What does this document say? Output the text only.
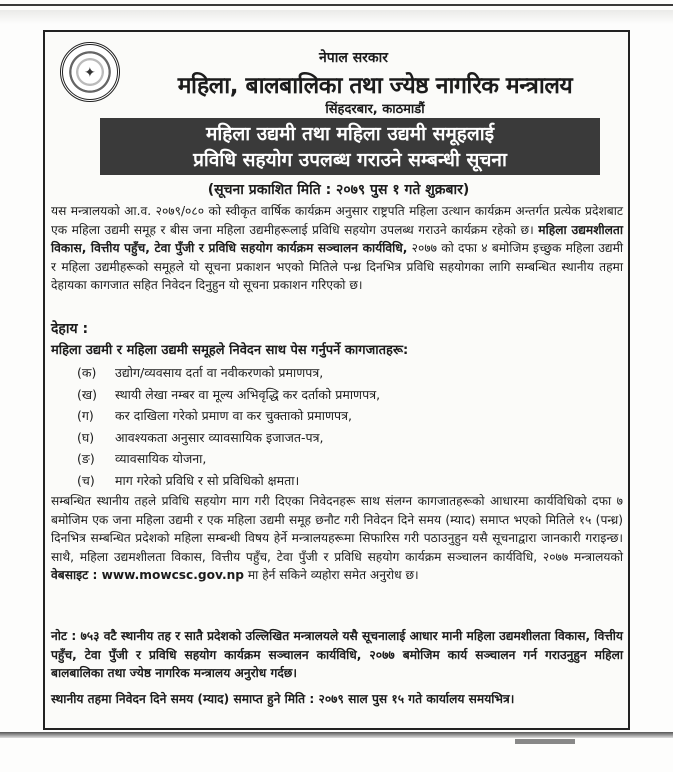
✦
नेपाल सरकार
महिला, बालबालिका तथा ज्येष्ठ नागरिक मन्त्रालय
सिंहदरबार, काठमाडौं
महिला उद्यमी तथा महिला उद्यमी समूहलाई
प्रविधि सहयोग उपलब्ध गराउने सम्बन्धी सूचना
(सूचना प्रकाशित मिति : २०७९ पुस १ गते शुक्रबार)
यस मन्त्रालयको आ.व. २०७९/०८० को स्वीकृत वार्षिक कार्यक्रम अनुसार राष्ट्रपति महिला उत्थान कार्यक्रम अन्तर्गत प्रत्येक प्रदेशबाट एक महिला उद्यमी समूह र बीस जना महिला उद्यमीहरूलाई प्रविधि सहयोग उपलब्ध गराउने कार्यक्रम रहेको छ। महिला उद्यमशीलता विकास, वित्तीय पहुँच, टेवा पुँजी र प्रविधि सहयोग कार्यक्रम सञ्चालन कार्यविधि, २०७७ को दफा ४ बमोजिम इच्छुक महिला उद्यमी र महिला उद्यमीहरूको समूहले यो सूचना प्रकाशन भएको मितिले पन्ध्र दिनभित्र प्रविधि सहयोगका लागि सम्बन्धित स्थानीय तहमा देहायका कागजात सहित निवेदन दिनुहुन यो सूचना प्रकाशन गरिएको छ।
देहाय :
महिला उद्यमी र महिला उद्यमी समूहले निवेदन साथ पेस गर्नुपर्ने कागजातहरू:
(क) उद्योग/व्यवसाय दर्ता वा नवीकरणको प्रमाणपत्र,
(ख) स्थायी लेखा नम्बर वा मूल्य अभिवृद्धि कर दर्ताको प्रमाणपत्र,
(ग) कर दाखिला गरेको प्रमाण वा कर चुक्ताको प्रमाणपत्र,
(घ) आवश्यकता अनुसार व्यावसायिक इजाजत-पत्र,
(ङ) व्यावसायिक योजना,
(च) माग गरेको प्रविधि र सो प्रविधिको क्षमता।
सम्बन्धित स्थानीय तहले प्रविधि सहयोग माग गरी दिएका निवेदनहरू साथ संलग्न कागजातहरूको आधारमा कार्यविधिको दफा ७ बमोजिम एक जना महिला उद्यमी र एक महिला उद्यमी समूह छनौट गरी निवेदन दिने समय (म्याद) समाप्त भएको मितिले १५ (पन्ध्र) दिनभित्र सम्बन्धित प्रदेशको महिला सम्बन्धी विषय हेर्ने मन्त्रालयहरूमा सिफारिस गरी पठाउनुहुन यसै सूचनाद्वारा जानकारी गराइन्छ। साथै, महिला उद्यमशीलता विकास, वित्तीय पहुँच, टेवा पुँजी र प्रविधि सहयोग कार्यक्रम सञ्चालन कार्यविधि, २०७७ मन्त्रालयको वेबसाइट : www.mowcsc.gov.np मा हेर्न सकिने व्यहोरा समेत अनुरोध छ।
नोट : ७५३ वटै स्थानीय तह र सातै प्रदेशको उल्लिखित मन्त्रालयले यसै सूचनालाई आधार मानी महिला उद्यमशीलता विकास, वित्तीय पहुँच, टेवा पुँजी र प्रविधि सहयोग कार्यक्रम सञ्चालन कार्यविधि, २०७७ बमोजिम कार्य सञ्चालन गर्न गराउनुहुन महिला बालबालिका तथा ज्येष्ठ नागरिक मन्त्रालय अनुरोध गर्दछ।
स्थानीय तहमा निवेदन दिने समय (म्याद) समाप्त हुने मिति : २०७९ साल पुस १५ गते कार्यालय समयभित्र।
